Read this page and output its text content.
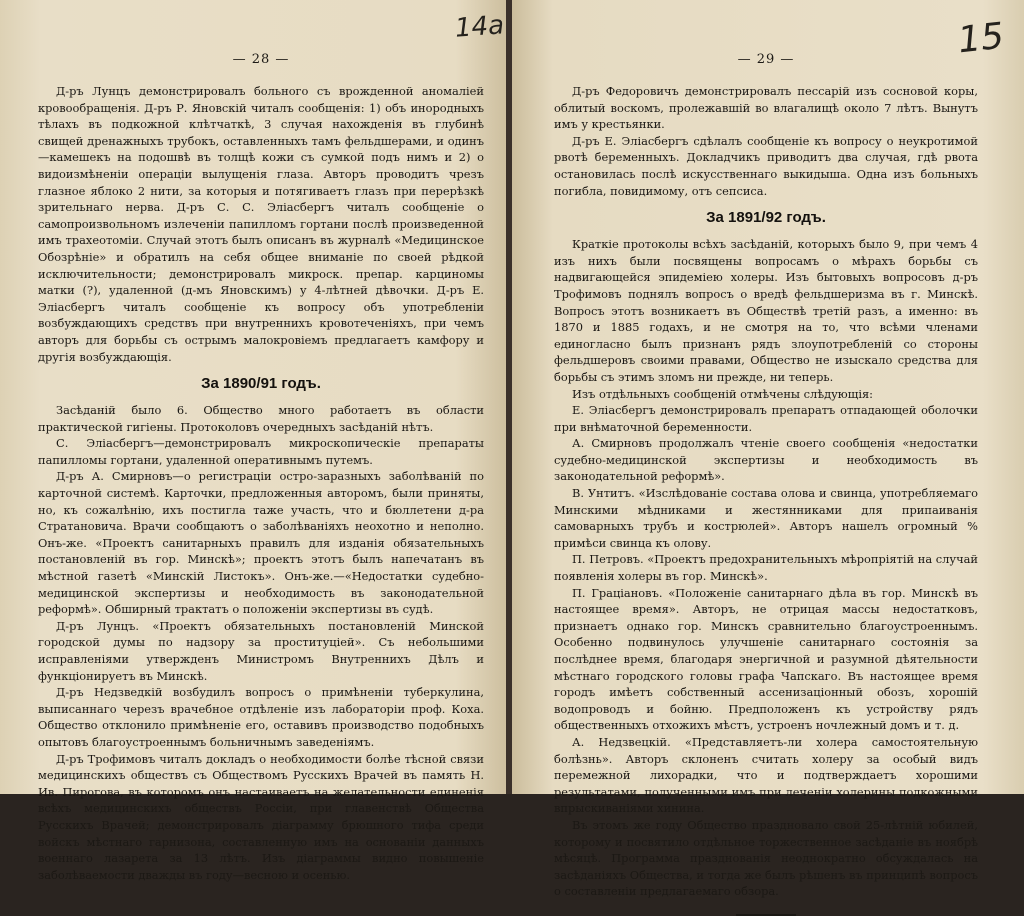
— 28 —

Д-ръ Лунцъ демонстрировалъ больного съ врожденной аномаліей кровообращенія. Д-ръ Р. Яновскій читалъ сообщенія: 1) объ инородныхъ тѣлахъ въ подкожной клѣтчаткѣ, 3 случая нахожденія въ глубинѣ свищей дренажныхъ трубокъ, оставленныхъ тамъ фельдшерами, и одинъ—камешекъ на подошвѣ въ толщѣ кожи съ сумкой подъ нимъ и 2) о видоизмѣненіи операціи вылущенія глаза. Авторъ проводитъ чрезъ глазное яблоко 2 нити, за которыя и потягиваетъ глазъ при перерѣзкѣ зрительнаго нерва. Д-ръ С. С. Эліасбергъ читалъ сообщеніе о самопроизвольномъ излеченіи папилломъ гортани послѣ произведенной имъ трахеотоміи. Случай этотъ былъ описанъ въ журналѣ «Медицинское Обозрѣніе» и обратилъ на себя общее вниманіе по своей рѣдкой исключительности; демонстрировалъ микроск. препар. карциномы матки (?), удаленной (д-мъ Яновскимъ) у 4-лѣтней дѣвочки. Д-ръ Е. Эліасбергъ читалъ сообщеніе къ вопросу объ употребленіи возбуждающихъ средствъ при внутреннихъ кровотеченіяхъ, при чемъ авторъ для борьбы съ острымъ малокровіемъ предлагаетъ камфору и другія возбуждающія.

За 1890/91 годъ.

Засѣданій было 6. Общество много работаетъ въ области практической гигіены. Протоколовъ очередныхъ засѣданій нѣтъ.

С. Эліасбергъ—демонстрировалъ микроскопическіе препараты папилломы гортани, удаленной оперативнымъ путемъ.

Д-ръ А. Смирновъ—о регистраціи остро-заразныхъ заболѣваній по карточной системѣ. Карточки, предложенныя авторомъ, были приняты, но, къ сожалѣнію, ихъ постигла таже участь, что и бюллетени д-ра Стратановича. Врачи сообщаютъ о заболѣваніяхъ неохотно и неполно. Онъ-же. «Проектъ санитарныхъ правилъ для изданія обязательныхъ постановленій въ гор. Минскѣ»; проектъ этотъ былъ напечатанъ въ мѣстной газетѣ «Минскій Листокъ». Онъ-же.—«Недостатки судебно-медицинской экспертизы и необходимость въ законодательной реформѣ». Обширный трактатъ о положеніи экспертизы въ судѣ.

Д-ръ Лунцъ. «Проектъ обязательныхъ постановленій Минской городской думы по надзору за проституціей». Съ небольшими исправленіями утвержденъ Министромъ Внутреннихъ Дѣлъ и функціонируетъ въ Минскѣ.

Д-ръ Недзведкій возбудилъ вопросъ о примѣненіи туберкулина, выписаннаго черезъ врачебное отдѣленіе изъ лабораторіи проф. Коха. Общество отклонило примѣненіе его, оставивъ производство подобныхъ опытовъ благоустроеннымъ больничнымъ заведеніямъ.

Д-ръ Трофимовъ читалъ докладъ о необходимости болѣе тѣсной связи медицинскихъ обществъ съ Обществомъ Русскихъ Врачей въ память Н. Ив. Пирогова, въ которомъ онъ настаиваетъ на желательности единенія всѣхъ медицинскихъ обществъ Россіи, при главенствѣ Общества Русскихъ Врачей; демонстрировалъ діаграмму брюшного тифа среди войскъ мѣстнаго гарнизона, составленную имъ на основаніи данныхъ военнаго лазарета за 13 лѣтъ. Изъ діаграммы видно повышеніе заболѣваемости дважды въ году—весною и осенью.

— 29 —

Д-ръ Федоровичъ демонстрировалъ пессарій изъ сосновой коры, облитый воскомъ, пролежавшій во влагалищѣ около 7 лѣтъ. Вынутъ имъ у крестьянки.

Д-ръ Е. Эліасбергъ сдѣлалъ сообщеніе къ вопросу о неукротимой рвотѣ беременныхъ. Докладчикъ приводитъ два случая, гдѣ рвота остановилась послѣ искусственнаго выкидыша. Одна изъ больныхъ погибла, повидимому, отъ сепсиса.

За 1891/92 годъ.

Краткіе протоколы всѣхъ засѣданій, которыхъ было 9, при чемъ 4 изъ нихъ были посвящены вопросамъ о мѣрахъ борьбы съ надвигающейся эпидеміею холеры. Изъ бытовыхъ вопросовъ д-ръ Трофимовъ поднялъ вопросъ о вредѣ фельдшеризма въ г. Минскѣ. Вопросъ этотъ возникаетъ въ Обществѣ третій разъ, а именно: въ 1870 и 1885 годахъ, и не смотря на то, что всѣми членами единогласно былъ признанъ рядъ злоупотребленій со стороны фельдшеровъ своими правами, Общество не изыскало средства для борьбы съ этимъ зломъ ни прежде, ни теперь.

Изъ отдѣльныхъ сообщеній отмѣчены слѣдующія:

Е. Эліасбергъ демонстрировалъ препаратъ отпадающей оболочки при внѣматочной беременности.

А. Смирновъ продолжалъ чтеніе своего сообщенія «недостатки судебно-медицинской экспертизы и необходимость въ законодательной реформѣ».

В. Унтитъ. «Изслѣдованіе состава олова и свинца, употребляемаго Минскими мѣдниками и жестянниками для припаиванія самоварныхъ трубъ и кострюлей». Авторъ нашелъ огромный % примѣси свинца къ олову.

П. Петровъ. «Проектъ предохранительныхъ мѣропріятій на случай появленія холеры въ гор. Минскѣ».

П. Граціановъ. «Положеніе санитарнаго дѣла въ гор. Минскѣ въ настоящее время». Авторъ, не отрицая массы недостатковъ, признаетъ однако гор. Минскъ сравнительно благоустроеннымъ. Особенно подвинулось улучшеніе санитарнаго состоянія за послѣднее время, благодаря энергичной и разумной дѣятельности мѣстнаго городского головы графа Чапскаго. Въ настоящее время городъ имѣетъ собственный ассенизаціонный обозъ, хорошій водопроводъ и бойню. Предположенъ къ устройству рядъ общественныхъ отхожихъ мѣстъ, устроенъ ночлежный домъ и т. д.

А. Недзвецкій. «Представляетъ-ли холера самостоятельную болѣзнь». Авторъ склоненъ считать холеру за особый видъ перемежной лихорадки, что и подтверждаетъ хорошими результатами, полученными имъ при леченіи холерины подкожными впрыскиваніями хинина.

Въ этомъ же году Общество праздновало свой 25-лѣтній юбилей, которому и посвятило отдѣльное торжественное засѣданіе въ ноябрѣ мѣсяцѣ. Программа празднованія неоднократно обсуждалась на засѣданіяхъ Общества, и тогда же былъ рѣшенъ въ принципѣ вопросъ о составленіи предлагаемаго обзора.

14а	15
